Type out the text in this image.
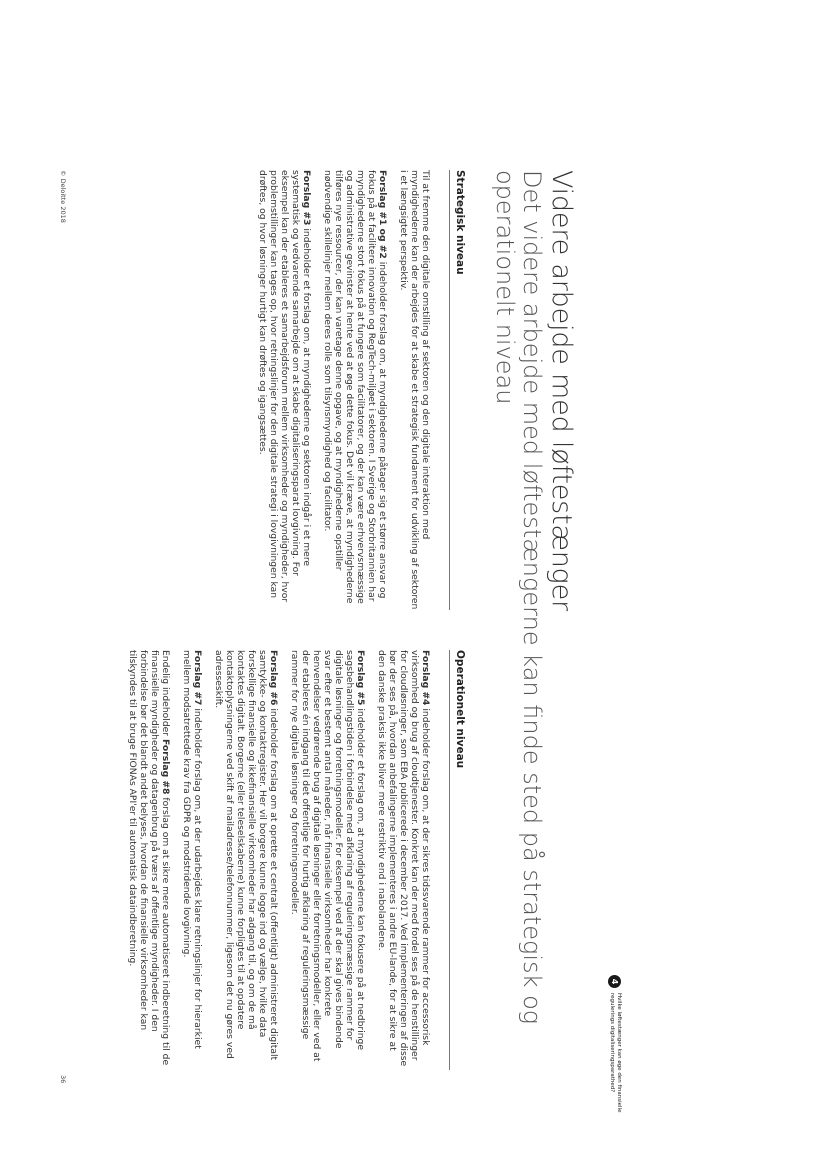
4
Hvilke løftestænger kan øge den finansielle regulerings digitaliseringsparathed?
Videre arbejde med løftestænger
Det videre arbejde med løftestængerne kan finde sted på strategisk og operationelt niveau
Strategisk niveau

Til at fremme den digitale omstilling af sektoren og den digitale interaktion med myndighederne kan der arbejdes for at skabe et strategisk fundament for udvikling af sektoren i et længsigtet perspektiv.

Forslag #1 og #2 indeholder forslag om, at myndighederne påtager sig et større ansvar og fokus på at facilitere innovation og RegTech-miljøet i sektoren. I Sverige og Storbritannien har myndighederne stort fokus på at fungere som facilitatorer, og der kan være erhvervsmæssige og administrative gevinster at hente ved at øge dette fokus. Det vil kræve, at myndighederne tilføres nye ressourcer, der kan varetage denne opgave, og at myndighederne opstiller nødvendige skillelinjer mellem deres rolle som tilsynsmyndighed og facilitator.

Forslag #3 indeholder et forslag om, at myndighederne og sektoren indgår i et mere systematisk og vedvarende samarbejde om at skabe digitaliseringsparat lovgivning. For eksempel kan der etableres et samarbejdsforum mellem virksomheder og myndigheder, hvor problemstillinger kan tages op, hvor retningslinjer for den digitale strategi i lovgivningen kan drøftes, og hvor løsninger hurtigt kan drøftes og igangsættes.

Operationelt niveau

Forslag #4 indeholder forslag om, at der sikres tidssvarende rammer for accessorisk virksomhed og brug af cloudtjenester. Konkret kan der med fordel ses på de henstillinger for cloudløsninger, som EBA publicerede i december 2017. Ved implementeringen af disse bør der ses på, hvordan anbefalingerne implementeres i andre EU-lande, for at sikre at den danske praksis ikke bliver mere restriktiv end i nabolandene.

Forslag #5 indeholder et forslag om, at myndighederne kan fokusere på at nedbringe sagsbehandlingstiden i forbindelse med afklaring af reguleringsmæssige rammer for digitale løsninger og forretningsmodeller. For eksempel ved at der skal gives bindende svar efter et bestemt antal måneder, når finansielle virksomheder har konkrete henvendelser vedrørende brug af digitale løsninger eller forretningsmodeller, eller ved at der etableres én indgang til det offentlige for hurtig afklaring af reguleringsmæssige rammer for nye digitale løsninger og forretningsmodeller.

Forslag #6 indeholder forslag om at oprette et centralt (offentligt) administreret digitalt samtykke- og kontaktregister. Her vil borgere kunne logge ind og vælge, hvilke data forskellige finansielle og ikkefinansielle virksomheder har adgang til, og om de må kontaktes digitalt. Borgerne (eller teleselskaberne) kunne forpligtes til at opdatere kontaktoplysningerne ved skift af mailadresse/telefonnummer, ligesom det nu gøres ved adresseskift.

Forslag #7 indeholder forslag om, at der udarbejdes klare retningslinjer for hierarkiet mellem modsatrettede krav fra GDPR og modstridende lovgivning.

Endelig indeholder Forslag #8 forslag om at sikre mere automatiseret indberetning til de finansielle myndigheder og datagenbrug på tværs af offentlige myndigheder. I den forbindelse bør det blandt andet belyses, hvordan de finansielle virksomheder kan tilskyndes til at bruge FIONAs API'er til automatisk dataindberetning.

© Deloitte 2018
36
